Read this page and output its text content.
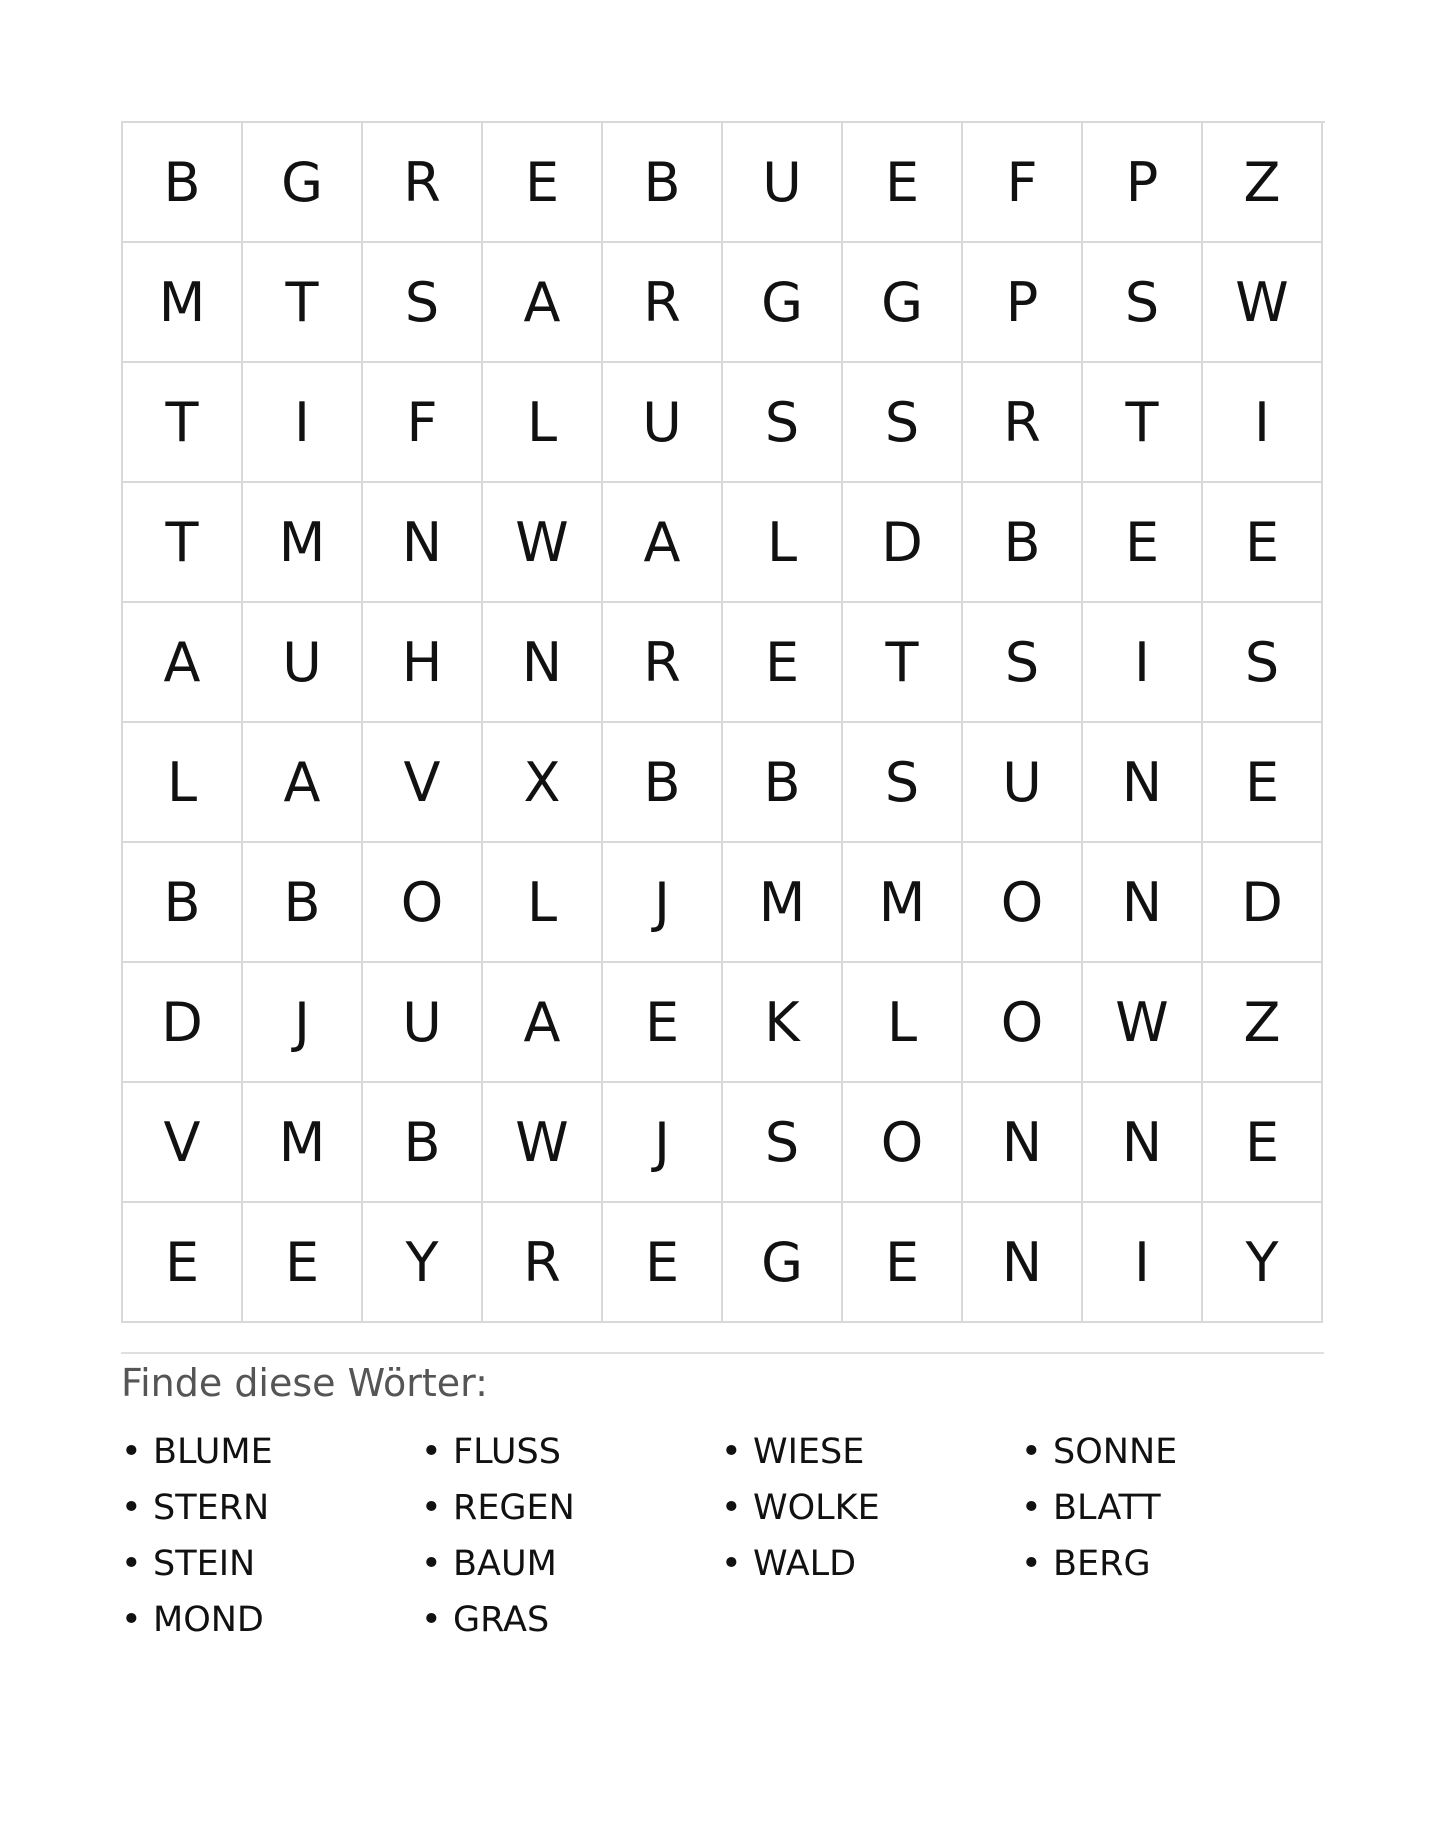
B	G	R	E	B	U	E	F	P	Z
M	T	S	A	R	G	G	P	S	W
T	I	F	L	U	S	S	R	T	I
T	M	N	W	A	L	D	B	E	E
A	U	H	N	R	E	T	S	I	S
L	A	V	X	B	B	S	U	N	E
B	B	O	L	J	M	M	O	N	D
D	J	U	A	E	K	L	O	W	Z
V	M	B	W	J	S	O	N	N	E
E	E	Y	R	E	G	E	N	I	Y
Finde diese Wörter:
• BLUME	• FLUSS	• WIESE	• SONNE
• STERN	• REGEN	• WOLKE	• BLATT
• STEIN	• BAUM	• WALD	• BERG
• MOND	• GRAS
